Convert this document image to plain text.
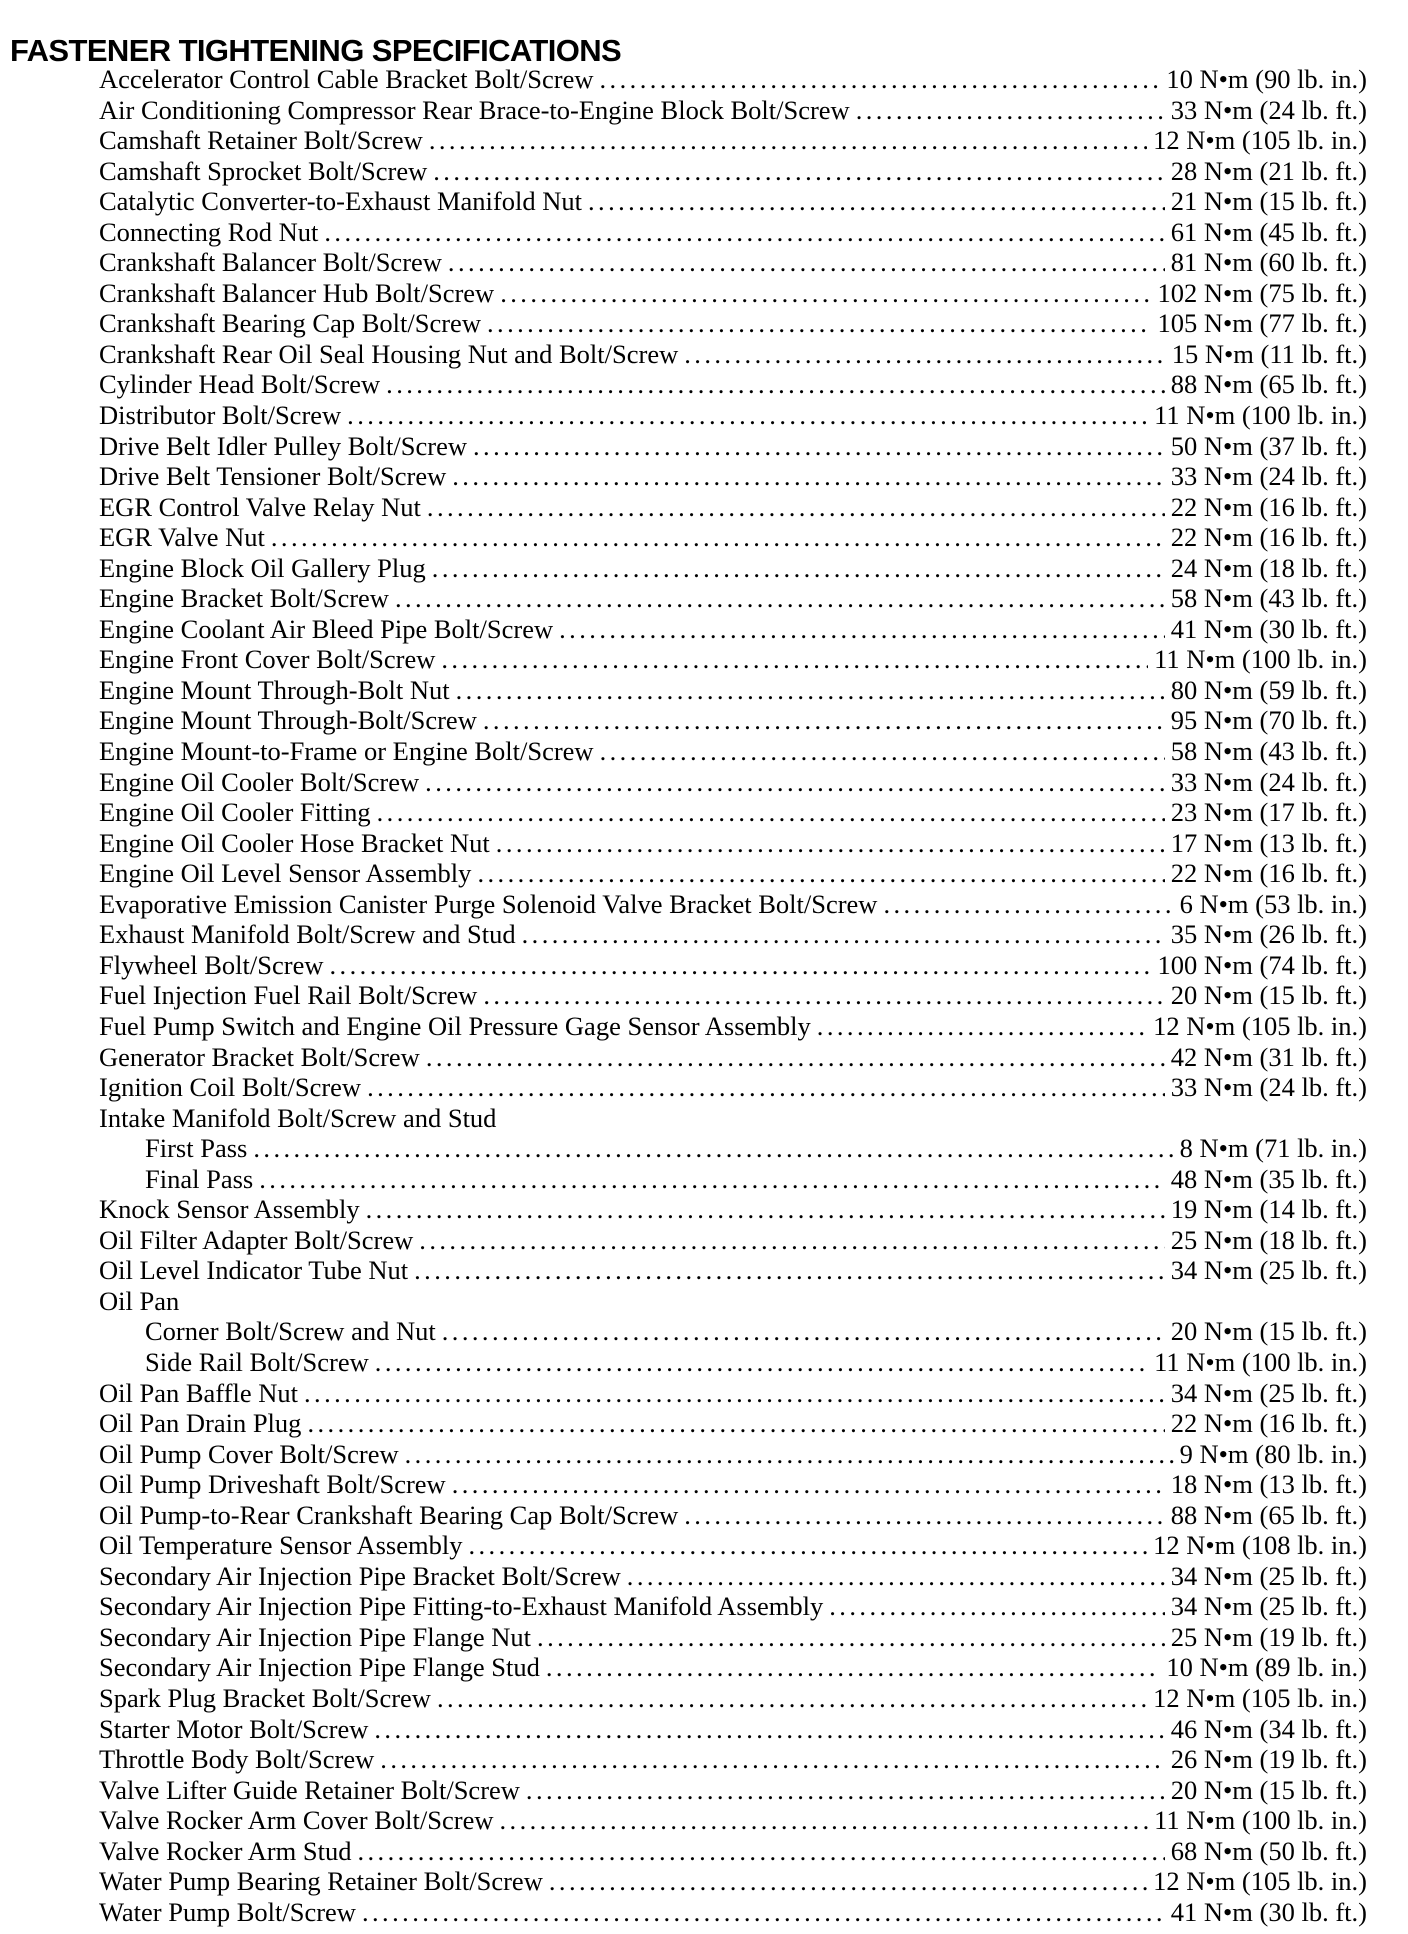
FASTENER TIGHTENING SPECIFICATIONS
Accelerator Control Cable Bracket Bolt/Screw . . .	10 N•m (90 lb. in.)
Air Conditioning Compressor Rear Brace-to-Engine Block Bolt/Screw . . .	33 N•m (24 lb. ft.)
Camshaft Retainer Bolt/Screw . . .	12 N•m (105 lb. in.)
Camshaft Sprocket Bolt/Screw . . .	28 N•m (21 lb. ft.)
Catalytic Converter-to-Exhaust Manifold Nut . . .	21 N•m (15 lb. ft.)
Connecting Rod Nut . . .	61 N•m (45 lb. ft.)
Crankshaft Balancer Bolt/Screw . . .	81 N•m (60 lb. ft.)
Crankshaft Balancer Hub Bolt/Screw . . .	102 N•m (75 lb. ft.)
Crankshaft Bearing Cap Bolt/Screw . . .	105 N•m (77 lb. ft.)
Crankshaft Rear Oil Seal Housing Nut and Bolt/Screw . . .	15 N•m (11 lb. ft.)
Cylinder Head Bolt/Screw . . .	88 N•m (65 lb. ft.)
Distributor Bolt/Screw . . .	11 N•m (100 lb. in.)
Drive Belt Idler Pulley Bolt/Screw . . .	50 N•m (37 lb. ft.)
Drive Belt Tensioner Bolt/Screw . . .	33 N•m (24 lb. ft.)
EGR Control Valve Relay Nut . . .	22 N•m (16 lb. ft.)
EGR Valve Nut . . .	22 N•m (16 lb. ft.)
Engine Block Oil Gallery Plug . . .	24 N•m (18 lb. ft.)
Engine Bracket Bolt/Screw . . .	58 N•m (43 lb. ft.)
Engine Coolant Air Bleed Pipe Bolt/Screw . . .	41 N•m (30 lb. ft.)
Engine Front Cover Bolt/Screw . . .	11 N•m (100 lb. in.)
Engine Mount Through-Bolt Nut . . .	80 N•m (59 lb. ft.)
Engine Mount Through-Bolt/Screw . . .	95 N•m (70 lb. ft.)
Engine Mount-to-Frame or Engine Bolt/Screw . . .	58 N•m (43 lb. ft.)
Engine Oil Cooler Bolt/Screw . . .	33 N•m (24 lb. ft.)
Engine Oil Cooler Fitting . . .	23 N•m (17 lb. ft.)
Engine Oil Cooler Hose Bracket Nut . . .	17 N•m (13 lb. ft.)
Engine Oil Level Sensor Assembly . . .	22 N•m (16 lb. ft.)
Evaporative Emission Canister Purge Solenoid Valve Bracket Bolt/Screw . . .	6 N•m (53 lb. in.)
Exhaust Manifold Bolt/Screw and Stud . . .	35 N•m (26 lb. ft.)
Flywheel Bolt/Screw . . .	100 N•m (74 lb. ft.)
Fuel Injection Fuel Rail Bolt/Screw . . .	20 N•m (15 lb. ft.)
Fuel Pump Switch and Engine Oil Pressure Gage Sensor Assembly . . .	12 N•m (105 lb. in.)
Generator Bracket Bolt/Screw . . .	42 N•m (31 lb. ft.)
Ignition Coil Bolt/Screw . . .	33 N•m (24 lb. ft.)
Intake Manifold Bolt/Screw and Stud
First Pass . . .	8 N•m (71 lb. in.)
Final Pass . . .	48 N•m (35 lb. ft.)
Knock Sensor Assembly . . .	19 N•m (14 lb. ft.)
Oil Filter Adapter Bolt/Screw . . .	25 N•m (18 lb. ft.)
Oil Level Indicator Tube Nut . . .	34 N•m (25 lb. ft.)
Oil Pan
Corner Bolt/Screw and Nut . . .	20 N•m (15 lb. ft.)
Side Rail Bolt/Screw . . .	11 N•m (100 lb. in.)
Oil Pan Baffle Nut . . .	34 N•m (25 lb. ft.)
Oil Pan Drain Plug . . .	22 N•m (16 lb. ft.)
Oil Pump Cover Bolt/Screw . . .	9 N•m (80 lb. in.)
Oil Pump Driveshaft Bolt/Screw . . .	18 N•m (13 lb. ft.)
Oil Pump-to-Rear Crankshaft Bearing Cap Bolt/Screw . . .	88 N•m (65 lb. ft.)
Oil Temperature Sensor Assembly . . .	12 N•m (108 lb. in.)
Secondary Air Injection Pipe Bracket Bolt/Screw . . .	34 N•m (25 lb. ft.)
Secondary Air Injection Pipe Fitting-to-Exhaust Manifold Assembly . . .	34 N•m (25 lb. ft.)
Secondary Air Injection Pipe Flange Nut . . .	25 N•m (19 lb. ft.)
Secondary Air Injection Pipe Flange Stud . . .	10 N•m (89 lb. in.)
Spark Plug Bracket Bolt/Screw . . .	12 N•m (105 lb. in.)
Starter Motor Bolt/Screw . . .	46 N•m (34 lb. ft.)
Throttle Body Bolt/Screw . . .	26 N•m (19 lb. ft.)
Valve Lifter Guide Retainer Bolt/Screw . . .	20 N•m (15 lb. ft.)
Valve Rocker Arm Cover Bolt/Screw . . .	11 N•m (100 lb. in.)
Valve Rocker Arm Stud . . .	68 N•m (50 lb. ft.)
Water Pump Bearing Retainer Bolt/Screw . . .	12 N•m (105 lb. in.)
Water Pump Bolt/Screw . . .	41 N•m (30 lb. ft.)
